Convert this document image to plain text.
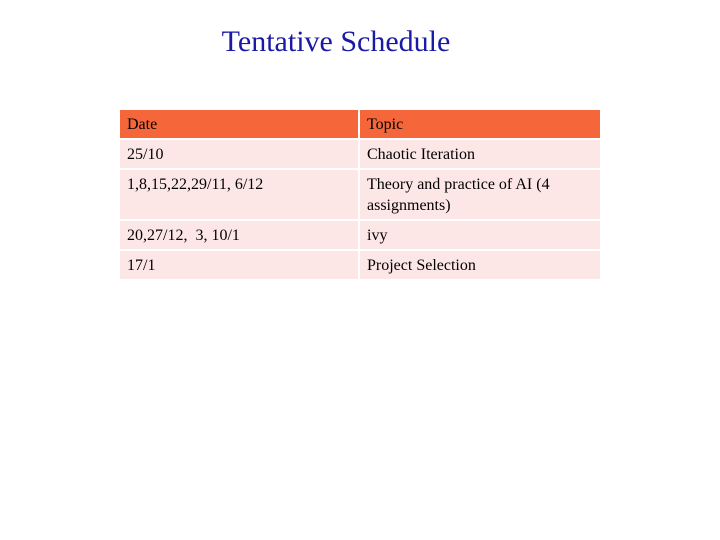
Tentative Schedule
Date	Topic
25/10	Chaotic Iteration
1,8,15,22,29/11, 6/12	Theory and practice of AI (4 assignments)
20,27/12,  3, 10/1	ivy
17/1	Project Selection
